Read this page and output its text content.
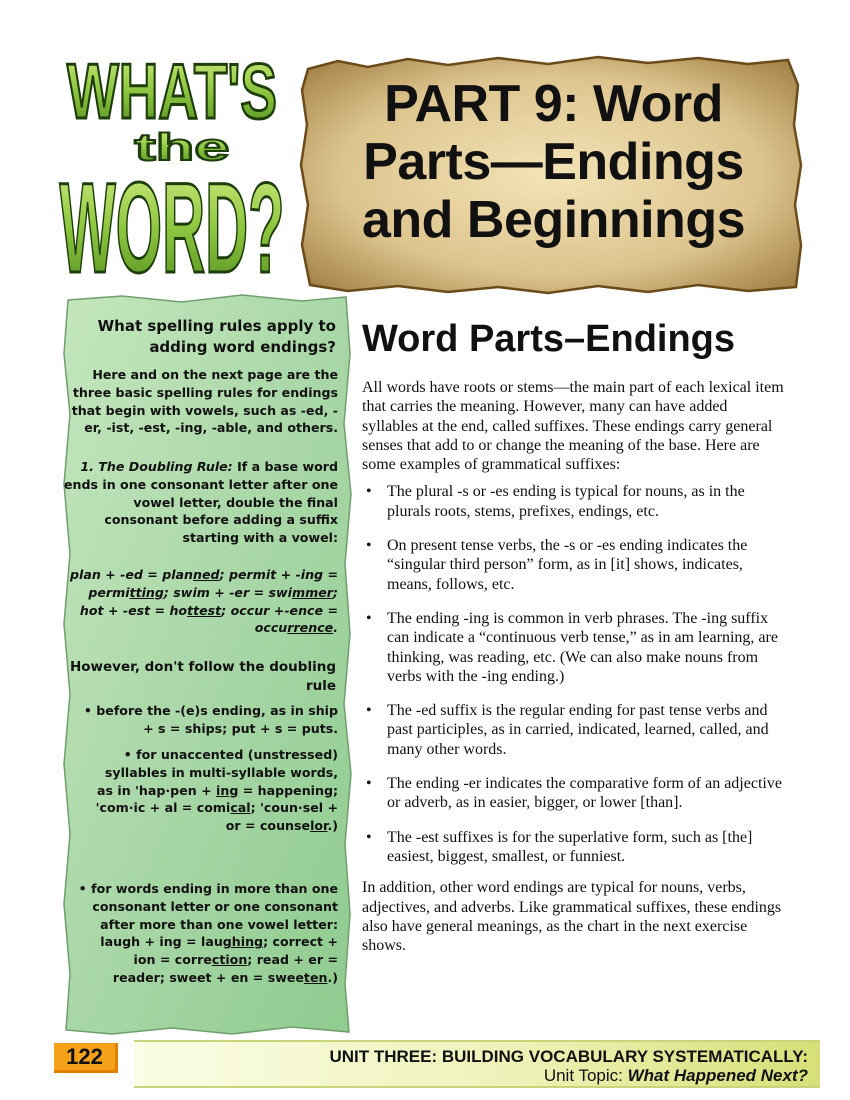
WHAT'S
the
WORD?
PART 9: Word
Parts—Endings
and Beginnings
What spelling rules apply to adding word endings?
Here and on the next page are the three basic spelling rules for endings that begin with vowels, such as -ed, -er, -ist, -est, -ing, -able, and others.
1. The Doubling Rule: If a base word ends in one consonant letter after one vowel letter, double the final consonant before adding a suffix starting with a vowel:
plan + -ed = planned; permit + -ing = permitting; swim + -er = swimmer; hot + -est = hottest; occur +-ence = occurrence.
However, don't follow the doubling rule
• before the -(e)s ending, as in ship + s = ships; put + s = puts.
• for unaccented (unstressed) syllables in multi-syllable words, as in 'hap·pen + ing = happening; 'com·ic + al = comical; 'coun·sel + or = counselor.)
• for words ending in more than one consonant letter or one consonant after more than one vowel letter: laugh + ing = laughing; correct + ion = correction; read + er = reader; sweet + en = sweeten.)
Word Parts–Endings

All words have roots or stems—the main part of each lexical item that carries the meaning. However, many can have added syllables at the end, called suffixes. These endings carry general senses that add to or change the meaning of the base. Here are some examples of grammatical suffixes:

• The plural -s or -es ending is typical for nouns, as in the plurals roots, stems, prefixes, endings, etc.
• On present tense verbs, the -s or -es ending indicates the “singular third person” form, as in [it] shows, indicates, means, follows, etc.
• The ending -ing is common in verb phrases. The -ing suffix can indicate a “continuous verb tense,” as in am learning, are thinking, was reading, etc. (We can also make nouns from verbs with the -ing ending.)
• The -ed suffix is the regular ending for past tense verbs and past participles, as in carried, indicated, learned, called, and many other words.
• The ending -er indicates the comparative form of an adjective or adverb, as in easier, bigger, or lower [than].
• The -est suffixes is for the superlative form, such as [the] easiest, biggest, smallest, or funniest.

In addition, other word endings are typical for nouns, verbs, adjectives, and adverbs. Like grammatical suffixes, these endings also have general meanings, as the chart in the next exercise shows.

122	UNIT THREE: BUILDING VOCABULARY SYSTEMATICALLY:
Unit Topic: What Happened Next?
